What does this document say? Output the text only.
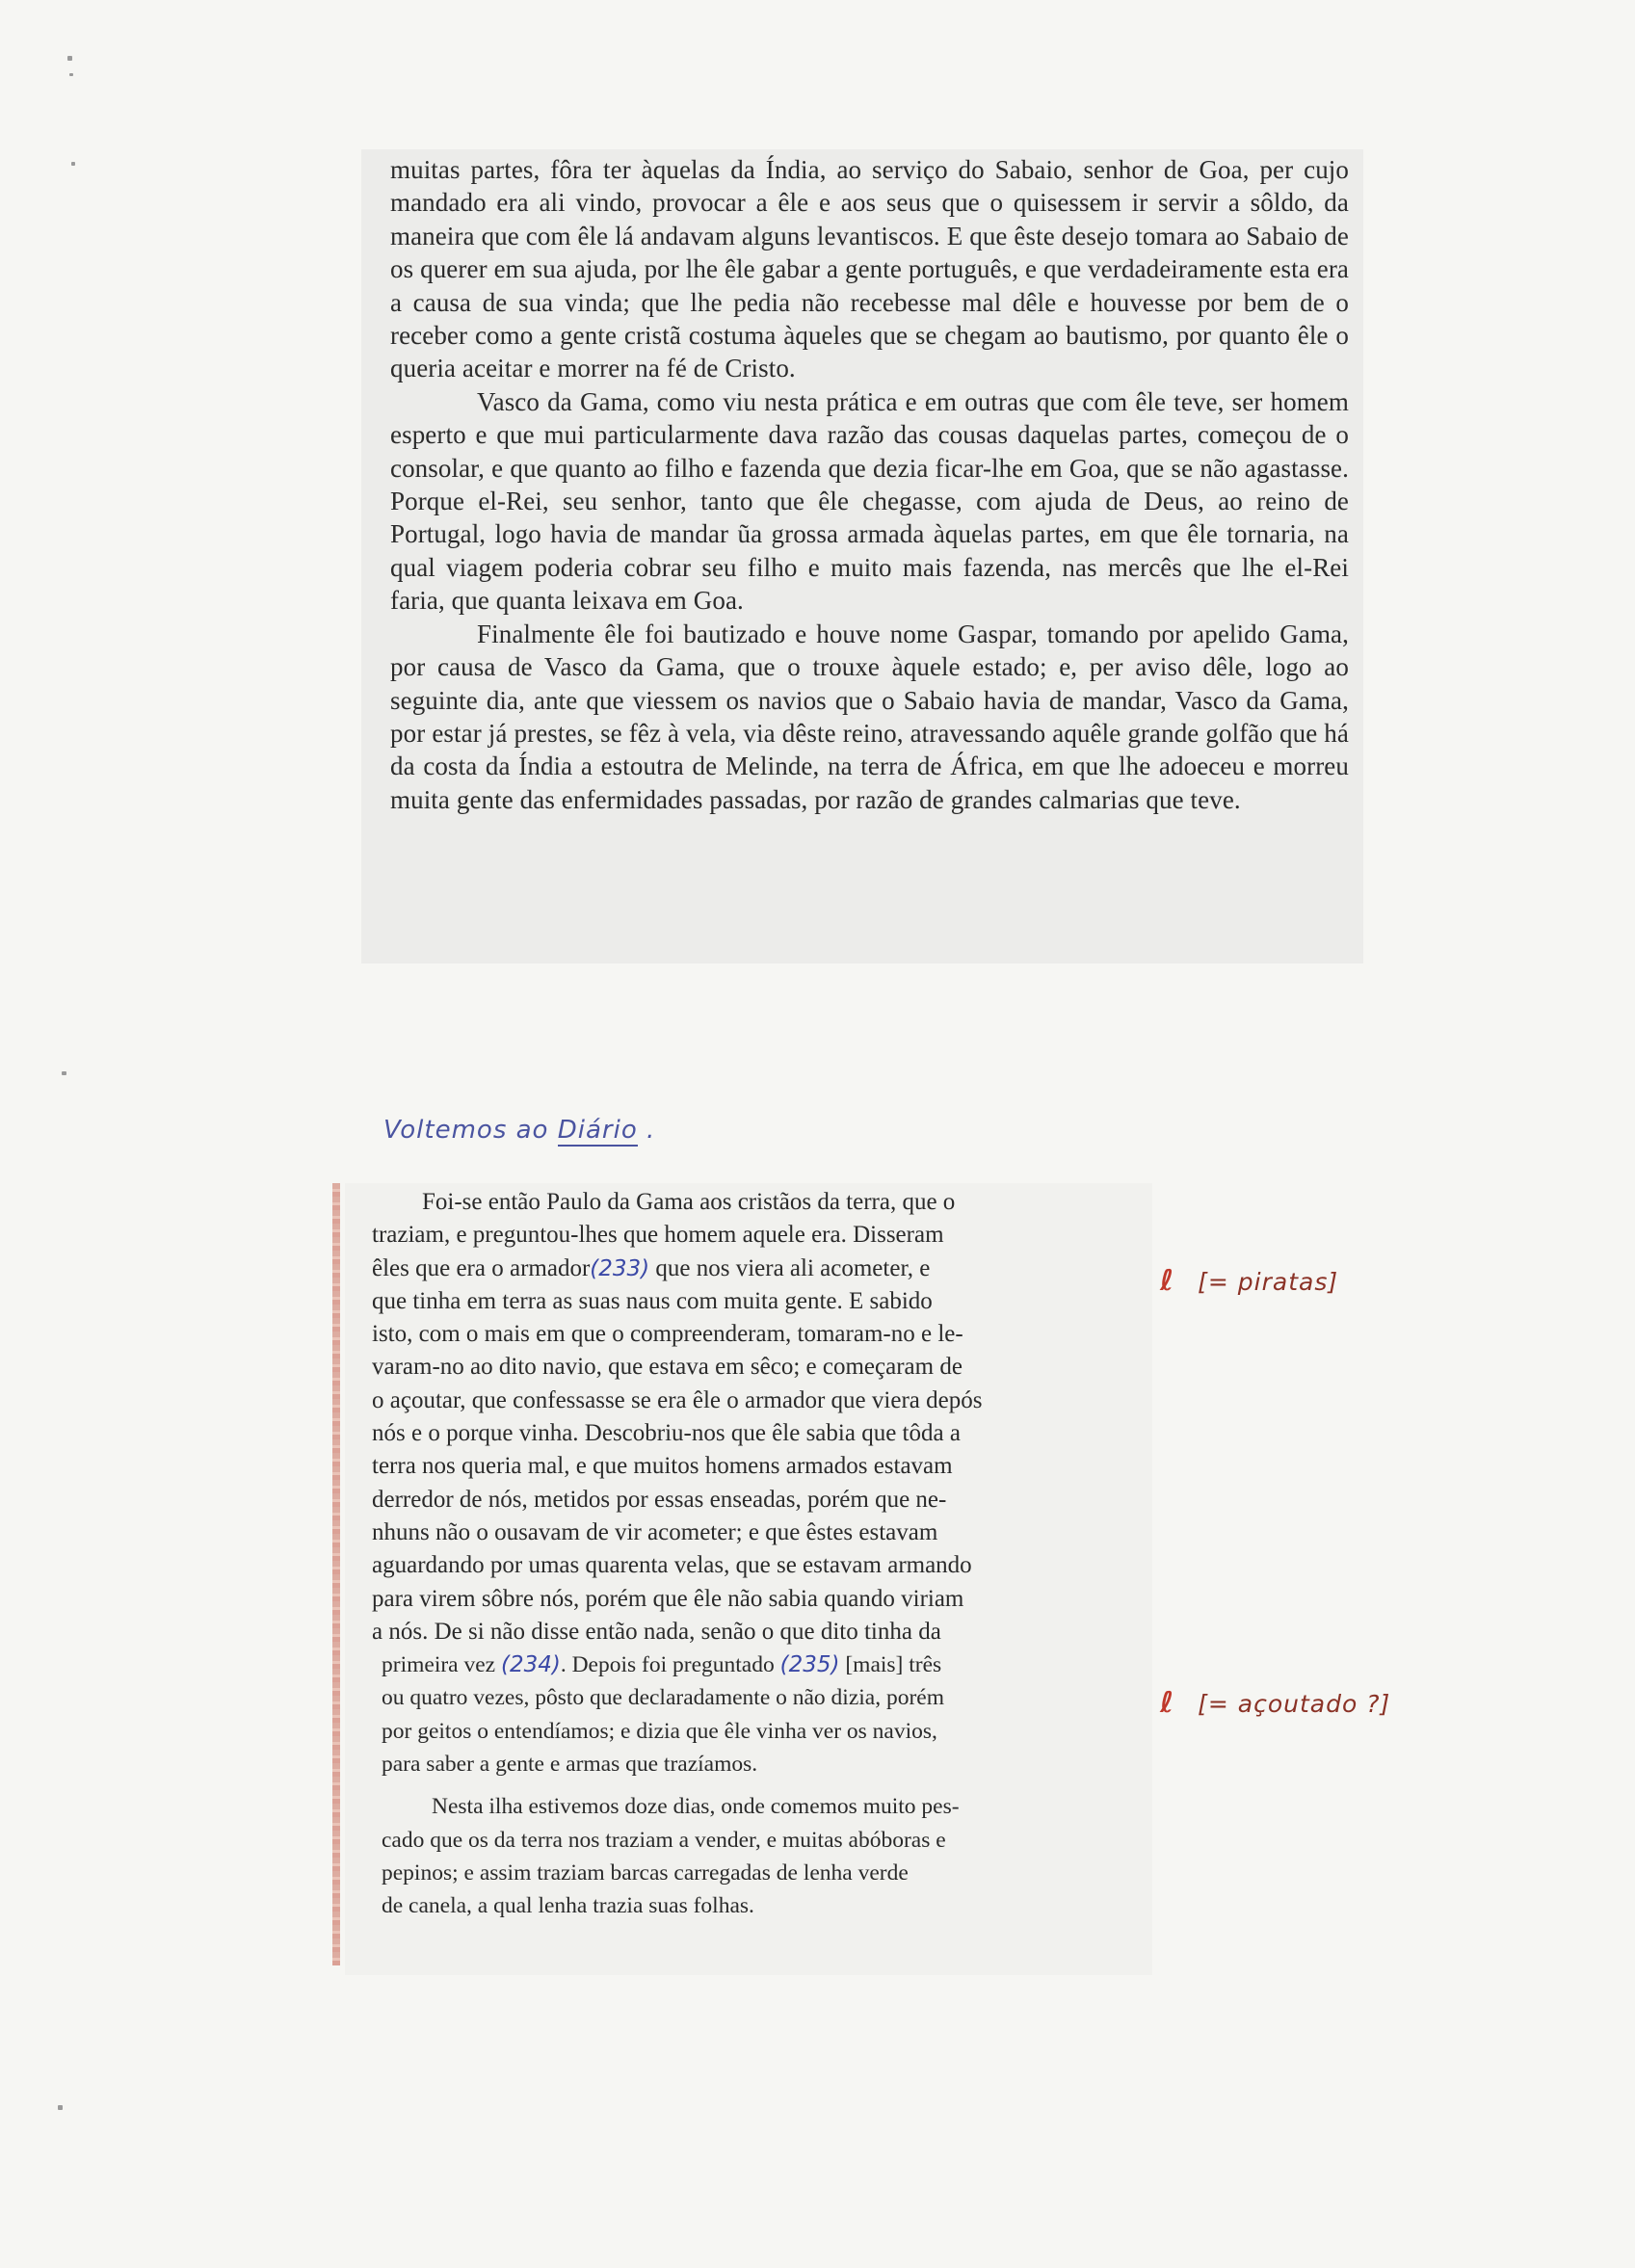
muitas partes, fôra ter àquelas da Índia, ao serviço do Sabaio, senhor de Goa, per cujo mandado era ali vindo, provocar a êle e aos seus que o quisessem ir servir a sôldo, da maneira que com êle lá andavam alguns levantiscos. E que êste desejo tomara ao Sabaio de os querer em sua ajuda, por lhe êle gabar a gente português, e que verdadeiramente esta era a causa de sua vinda; que lhe pedia não recebesse mal dêle e houvesse por bem de o receber como a gente cristã costuma àqueles que se chegam ao bautismo, por quanto êle o queria aceitar e morrer na fé de Cristo.

Vasco da Gama, como viu nesta prática e em outras que com êle teve, ser homem esperto e que mui particularmente dava razão das cousas daquelas partes, começou de o consolar, e que quanto ao filho e fazenda que dezia ficar-lhe em Goa, que se não agastasse. Porque el-Rei, seu senhor, tanto que êle chegasse, com ajuda de Deus, ao reino de Portugal, logo havia de mandar ũa grossa armada àquelas partes, em que êle tornaria, na qual viagem poderia cobrar seu filho e muito mais fazenda, nas mercês que lhe el-Rei faria, que quanta leixava em Goa.

Finalmente êle foi bautizado e houve nome Gaspar, tomando por apelido Gama, por causa de Vasco da Gama, que o trouxe àquele estado; e, per aviso dêle, logo ao seguinte dia, ante que viessem os navios que o Sabaio havia de mandar, Vasco da Gama, por estar já prestes, se fêz à vela, via dêste reino, atravessando aquêle grande golfão que há da costa da Índia a estoutra de Melinde, na terra de África, em que lhe adoeceu e morreu muita gente das enfermidades passadas, por razão de grandes calmarias que teve.

Voltemos ao Diário .
Foi-se então Paulo da Gama aos cristãos da terra, que o
traziam, e preguntou-lhes que homem aquele era. Disseram
êles que era o armador(233) que nos viera ali acometer, e
que tinha em terra as suas naus com muita gente. E sabido
isto, com o mais em que o compreenderam, tomaram-no e le-
varam-no ao dito navio, que estava em sêco; e começaram de
o açoutar, que confessasse se era êle o armador que viera depós
nós e o porque vinha. Descobriu-nos que êle sabia que tôda a
terra nos queria mal, e que muitos homens armados estavam
derredor de nós, metidos por essas enseadas, porém que ne-
nhuns não o ousavam de vir acometer; e que êstes estavam
aguardando por umas quarenta velas, que se estavam armando
para virem sôbre nós, porém que êle não sabia quando viriam
a nós. De si não disse então nada, senão o que dito tinha da
primeira vez (234). Depois foi preguntado (235) [mais] três
ou quatro vezes, pôsto que declaradamente o não dizia, porém
por geitos o entendíamos; e dizia que êle vinha ver os navios,
para saber a gente e armas que trazíamos.
Nesta ilha estivemos doze dias, onde comemos muito pes-
cado que os da terra nos traziam a vender, e muitas abóboras e
pepinos; e assim traziam barcas carregadas de lenha verde
de canela, a qual lenha trazia suas folhas.
ℓ [= piratas]
ℓ [= açoutado ?]
